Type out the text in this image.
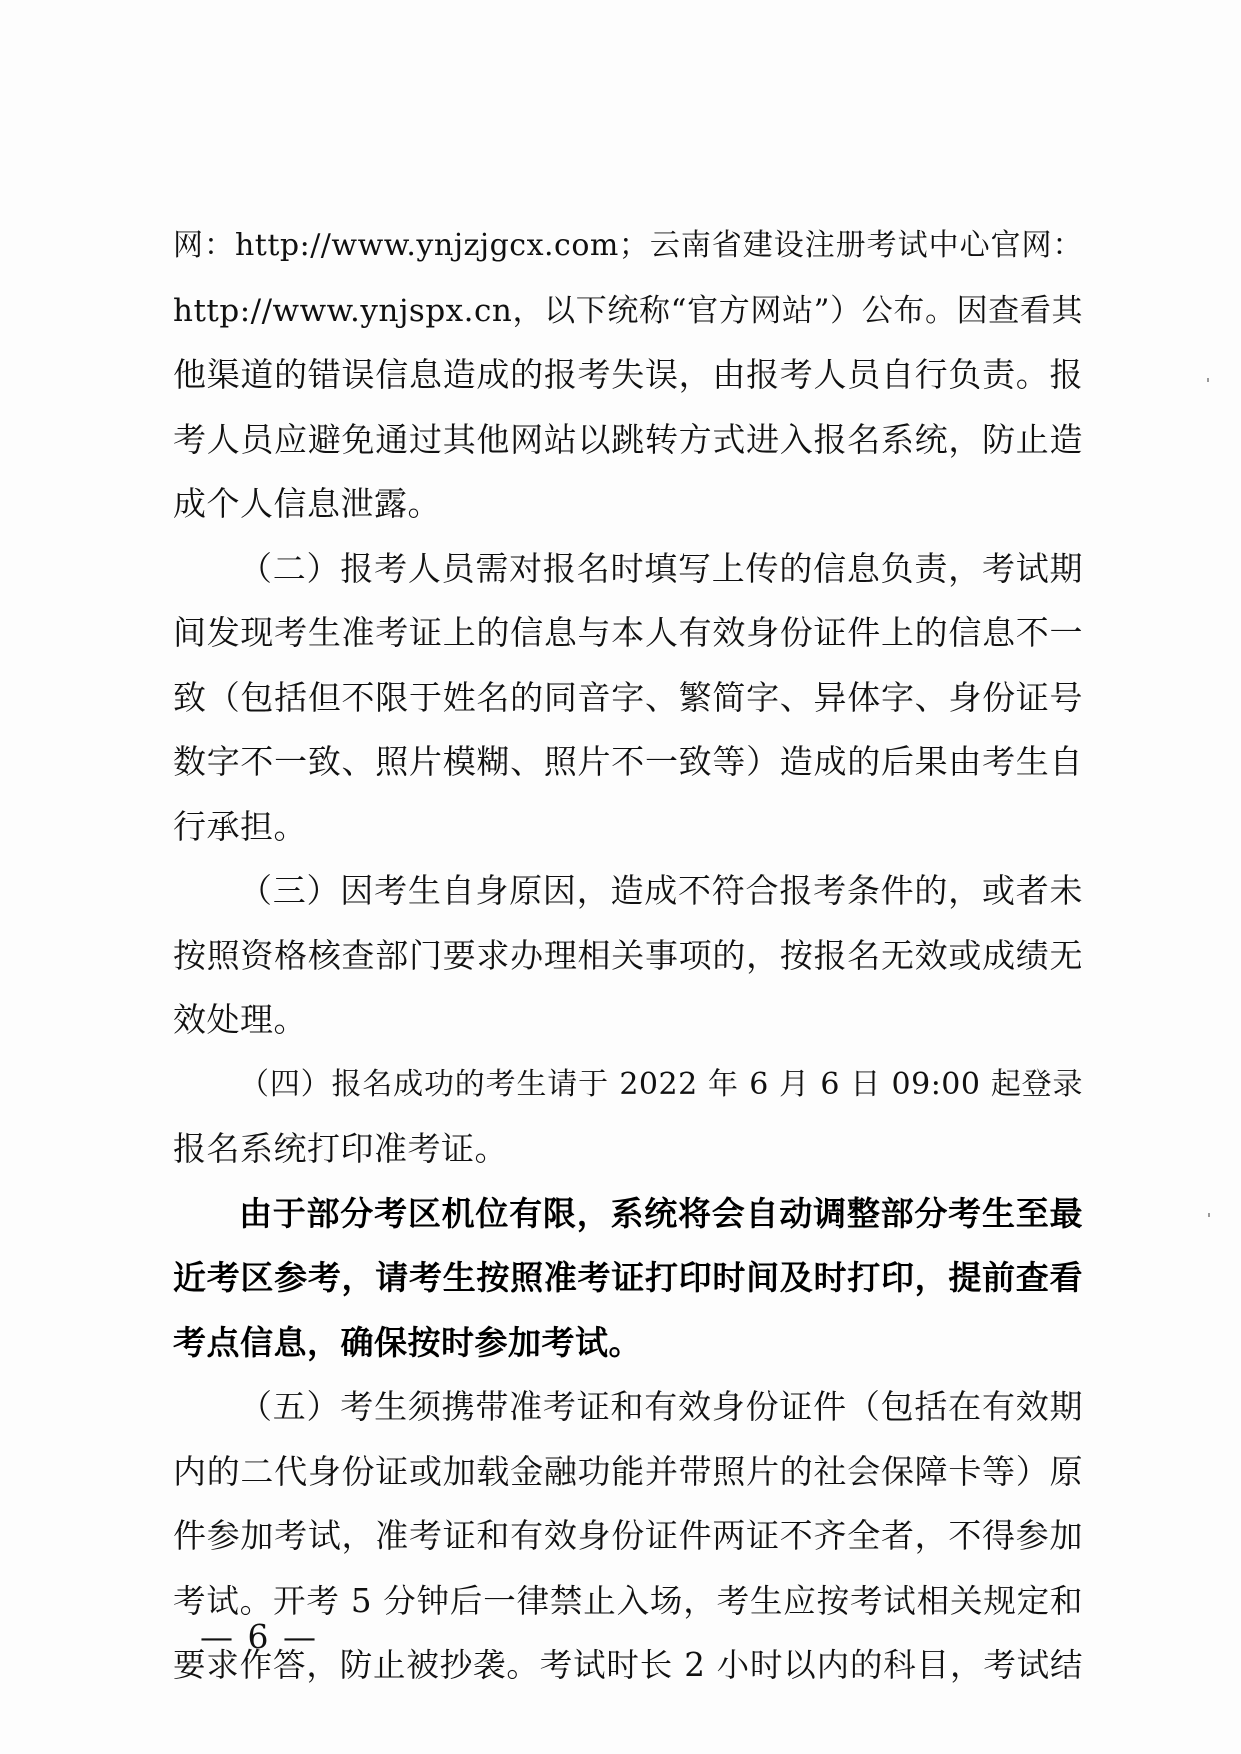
网：http://www.ynjzjgcx.com；云南省建设注册考试中心官网：
http://www.ynjspx.cn，以下统称“官方网站”）公布。因查看其
他渠道的错误信息造成的报考失误，由报考人员自行负责。报
考人员应避免通过其他网站以跳转方式进入报名系统，防止造
成个人信息泄露。
（二）报考人员需对报名时填写上传的信息负责，考试期
间发现考生准考证上的信息与本人有效身份证件上的信息不一
致（包括但不限于姓名的同音字、繁简字、异体字、身份证号
数字不一致、照片模糊、照片不一致等）造成的后果由考生自
行承担。
（三）因考生自身原因，造成不符合报考条件的，或者未
按照资格核查部门要求办理相关事项的，按报名无效或成绩无
效处理。
（四）报名成功的考生请于 2022 年 6 月 6 日 09:00 起登录
报名系统打印准考证。
由于部分考区机位有限，系统将会自动调整部分考生至最
近考区参考，请考生按照准考证打印时间及时打印，提前查看
考点信息，确保按时参加考试。
（五）考生须携带准考证和有效身份证件（包括在有效期
内的二代身份证或加载金融功能并带照片的社会保障卡等）原
件参加考试，准考证和有效身份证件两证不齐全者，不得参加
考试。开考 5 分钟后一律禁止入场，考生应按考试相关规定和
要求作答，防止被抄袭。考试时长 2 小时以内的科目，考试结
— 6 —
